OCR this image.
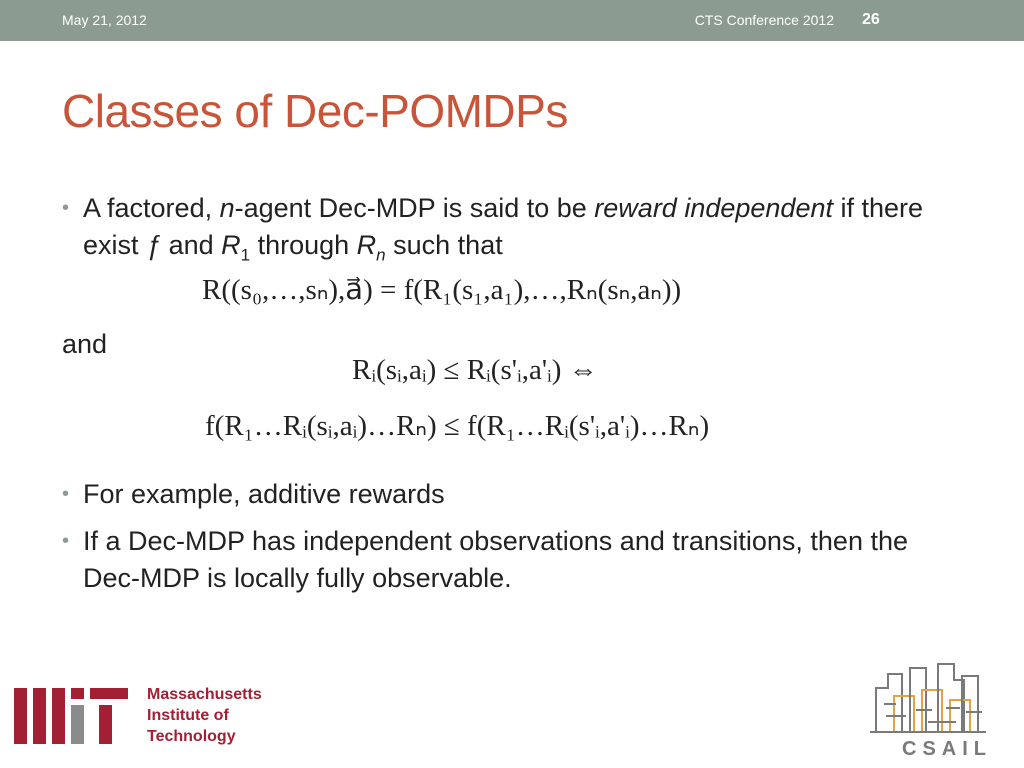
May 21, 2012	CTS Conference 2012 26
Classes of Dec-POMDPs
• A factored, n-agent Dec-MDP is said to be reward independent if there exist ƒ and $R_1$ through $R_n$ such that
R((s₀,…,sₙ),a⃗) = f(R₁(s₁,a₁),…,Rₙ(sₙ,aₙ))
and
Rᵢ(sᵢ,aᵢ) ≤ Rᵢ(s'ᵢ,a'ᵢ) ⇔
f(R₁…Rᵢ(sᵢ,aᵢ)…Rₙ) ≤ f(R₁…Rᵢ(s'ᵢ,a'ᵢ)…Rₙ)
• For example, additive rewards
• If a Dec-MDP has independent observations and transitions, then the Dec-MDP is locally fully observable.
Massachusetts
Institute of
Technology
CSAIL
